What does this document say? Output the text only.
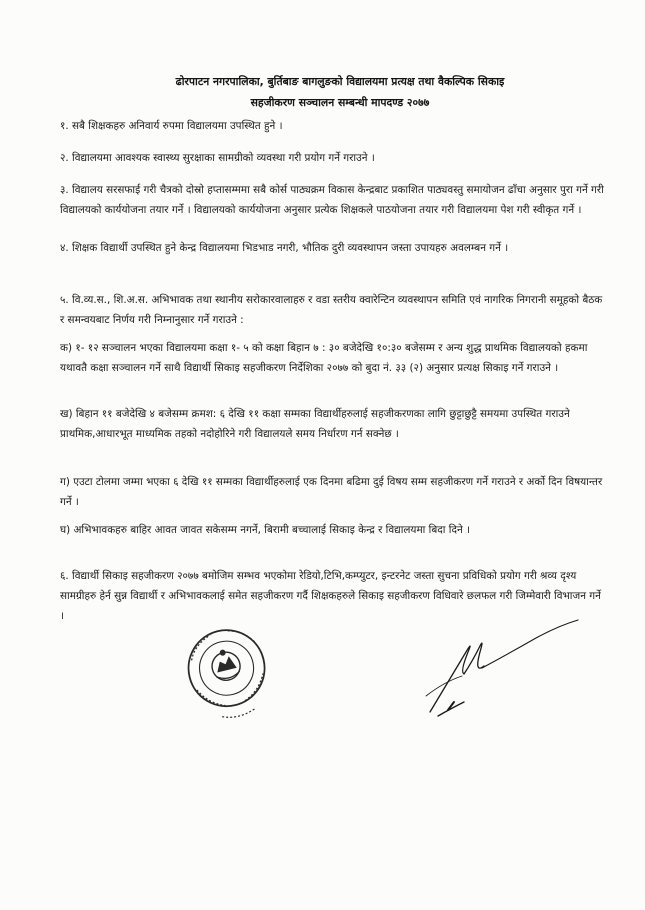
ढोरपाटन नगरपालिका, बुर्तिबाङ बागलुङको विद्यालयमा प्रत्यक्ष तथा वैकल्पिक सिकाइ
सहजीकरण सञ्चालन सम्बन्धी मापदण्ड २०७७
१. सबै शिक्षकहरु अनिवार्य रुपमा विद्यालयमा उपस्थित हुने ।
२. विद्यालयमा आवश्यक स्वास्थ्य सुरक्षाका सामग्रीको व्यवस्था गरी प्रयोग गर्ने गराउने ।
३. विद्यालय सरसफाई गरी चैत्रको दोस्रो हप्तासम्ममा सबै कोर्स पाठ्यक्रम विकास केन्द्रबाट प्रकाशित पाठ्यवस्तु समायोजन ढाँचा अनुसार पुरा गर्ने गरी विद्यालयको कार्ययोजना तयार गर्ने । विद्यालयको कार्ययोजना अनुसार प्रत्येक शिक्षकले पाठयोजना तयार गरी विद्यालयमा पेश गरी स्वीकृत गर्ने ।
४. शिक्षक विद्यार्थी उपस्थित हुने केन्द्र विद्यालयमा भिडभाड नगरी, भौतिक दुरी व्यवस्थापन जस्ता उपायहरु अवलम्बन गर्ने ।
५. वि.व्य.स., शि.अ.स. अभिभावक तथा स्थानीय सरोकारवालाहरु र वडा स्तरीय क्वारेन्टिन व्यवस्थापन समिति एवं नागरिक निगरानी समूहको बैठक र समन्वयबाट निर्णय गरी निम्नानुसार गर्ने गराउने :
क) १- १२ सञ्चालन भएका विद्यालयमा कक्षा १- ५ को कक्षा बिहान ७ : ३० बजेदेखि १०:३० बजेसम्म र अन्य शुद्ध प्राथमिक विद्यालयको हकमा यथावतै कक्षा सञ्चालन गर्ने साथै विद्यार्थी सिकाइ सहजीकरण निर्देशिका २०७७ को बुदा नं. ३३ (२) अनुसार प्रत्यक्ष सिकाइ गर्ने गराउने ।
ख) बिहान ११ बजेदेखि ४ बजेसम्म क्रमश: ६ देखि ११ कक्षा सम्मका विद्यार्थीहरुलाई सहजीकरणका लागि छुट्टाछुट्टै समयमा उपस्थित गराउने प्राथमिक,आधारभूत माध्यमिक तहको नदोहोरिने गरी विद्यालयले समय निर्धारण गर्न सक्नेछ ।
ग) एउटा टोलमा जम्मा भएका ६ देखि ११ सम्मका विद्यार्थीहरुलाई एक दिनमा बढिमा दुई विषय सम्म सहजीकरण गर्ने गराउने र अर्को दिन विषयान्तर गर्ने ।
घ) अभिभावकहरु बाहिर आवत जावत सकेसम्म नगर्ने, बिरामी बच्चालाई सिकाइ केन्द्र र विद्यालयमा बिदा दिने ।
६. विद्यार्थी सिकाइ सहजीकरण २०७७ बमोजिम सम्भव भएकोमा रेडियो,टिभि,कम्प्युटर, इन्टरनेट जस्ता सुचना प्रविधिको प्रयोग गरी श्रव्य दृश्य सामग्रीहरु हेर्न सुन्न विद्यार्थी र अभिभावकलाई समेत सहजीकरण गर्दै शिक्षकहरुले सिकाइ सहजीकरण विधिवारे छलफल गरी जिम्मेवारी विभाजन गर्ने ।
